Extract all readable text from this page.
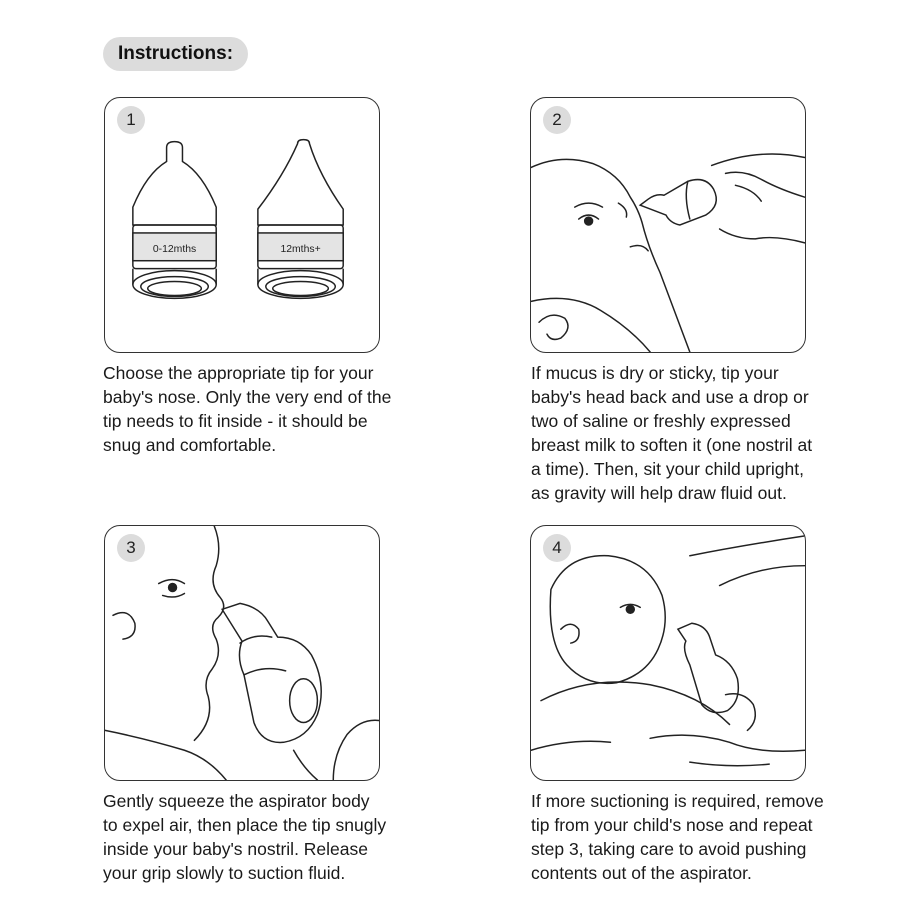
Instructions:
1
0-12mths	12mths+
Choose the appropriate tip for your
baby's nose. Only the very end of the
tip needs to fit inside - it should be
snug and comfortable.
2
If mucus is dry or sticky, tip your
baby's head back and use a drop or
two of saline or freshly expressed
breast milk to soften it (one nostril at
a time). Then, sit your child upright,
as gravity will help draw fluid out.
3
Gently squeeze the aspirator body
to expel air, then place the tip snugly
inside your baby's nostril. Release
your grip slowly to suction fluid.
4
If more suctioning is required, remove
tip from your child's nose and repeat
step 3, taking care to avoid pushing
contents out of the aspirator.
